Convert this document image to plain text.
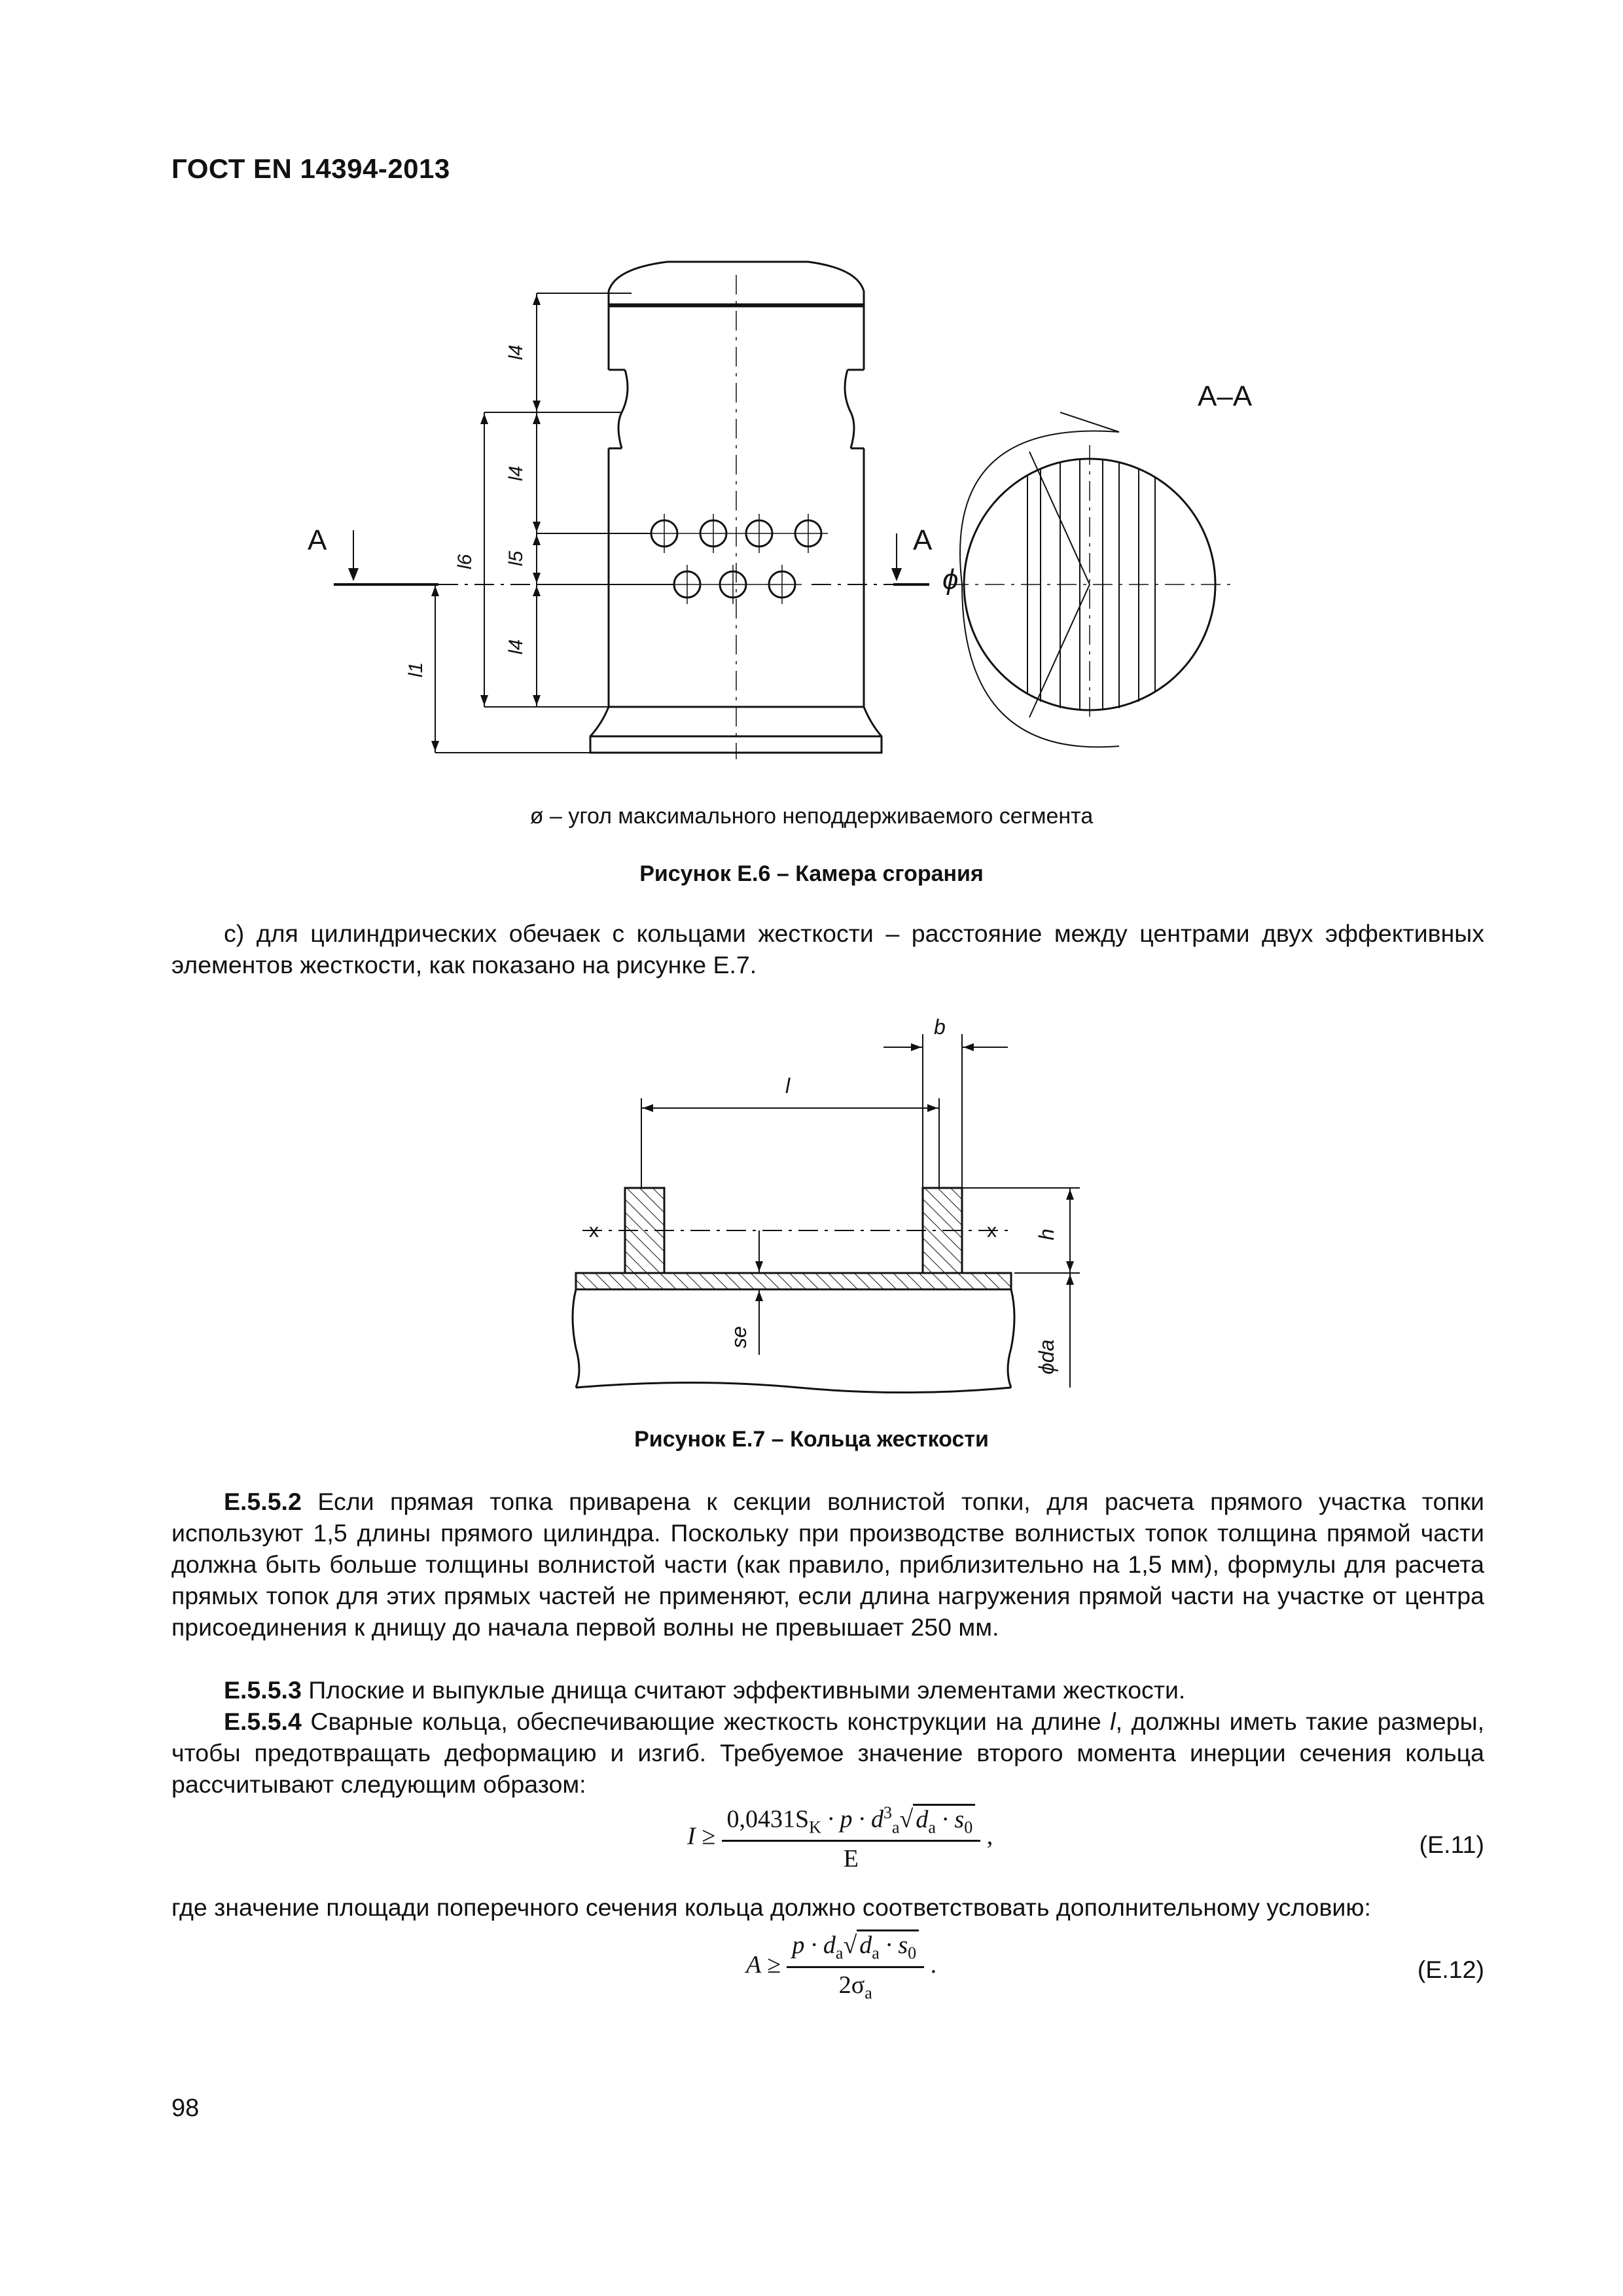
ГОСТ EN 14394-2013
А–А
А	А
ϕ
l4
l4
l6 l5
l4
l1
ø – угол максимального неподдерживаемого сегмента
Рисунок Е.6 – Камера сгорания
c) для цилиндрических обечаек с кольцами жесткости – расстояние между центрами двух эффективных элементов жесткости, как показано на рисунке Е.7.
b
l
h
se
ϕda
x	x
Рисунок Е.7 – Кольца жесткости
Е.5.5.2 Если прямая топка приварена к секции волнистой топки, для расчета прямого участка топки используют 1,5 длины прямого цилиндра. Поскольку при производстве волнистых топок толщина прямой части должна быть больше толщины волнистой части (как правило, приблизительно на 1,5 мм), формулы для расчета прямых топок для этих прямых частей не применяют, если длина нагружения прямой части на участке от центра присоединения к днищу до начала первой волны не превышает 250 мм.
Е.5.5.3 Плоские и выпуклые днища считают эффективными элементами жесткости.
Е.5.5.4 Сварные кольца, обеспечивающие жесткость конструкции на длине l, должны иметь такие размеры, чтобы предотвращать деформацию и изгиб. Требуемое значение второго момента инерции сечения кольца рассчитывают следующим образом:
$I \ge \frac{0,0431S_K \cdot p \cdot d^3_a√ d_a \cdot s_0}{E}$ ,	(Е.11)
где значение площади поперечного сечения кольца должно соответствовать дополнительному условию:
$A \ge \frac{p \cdot d_a√ d_a \cdot s_0}{2\sigma_a}$ .	(Е.12)
98
